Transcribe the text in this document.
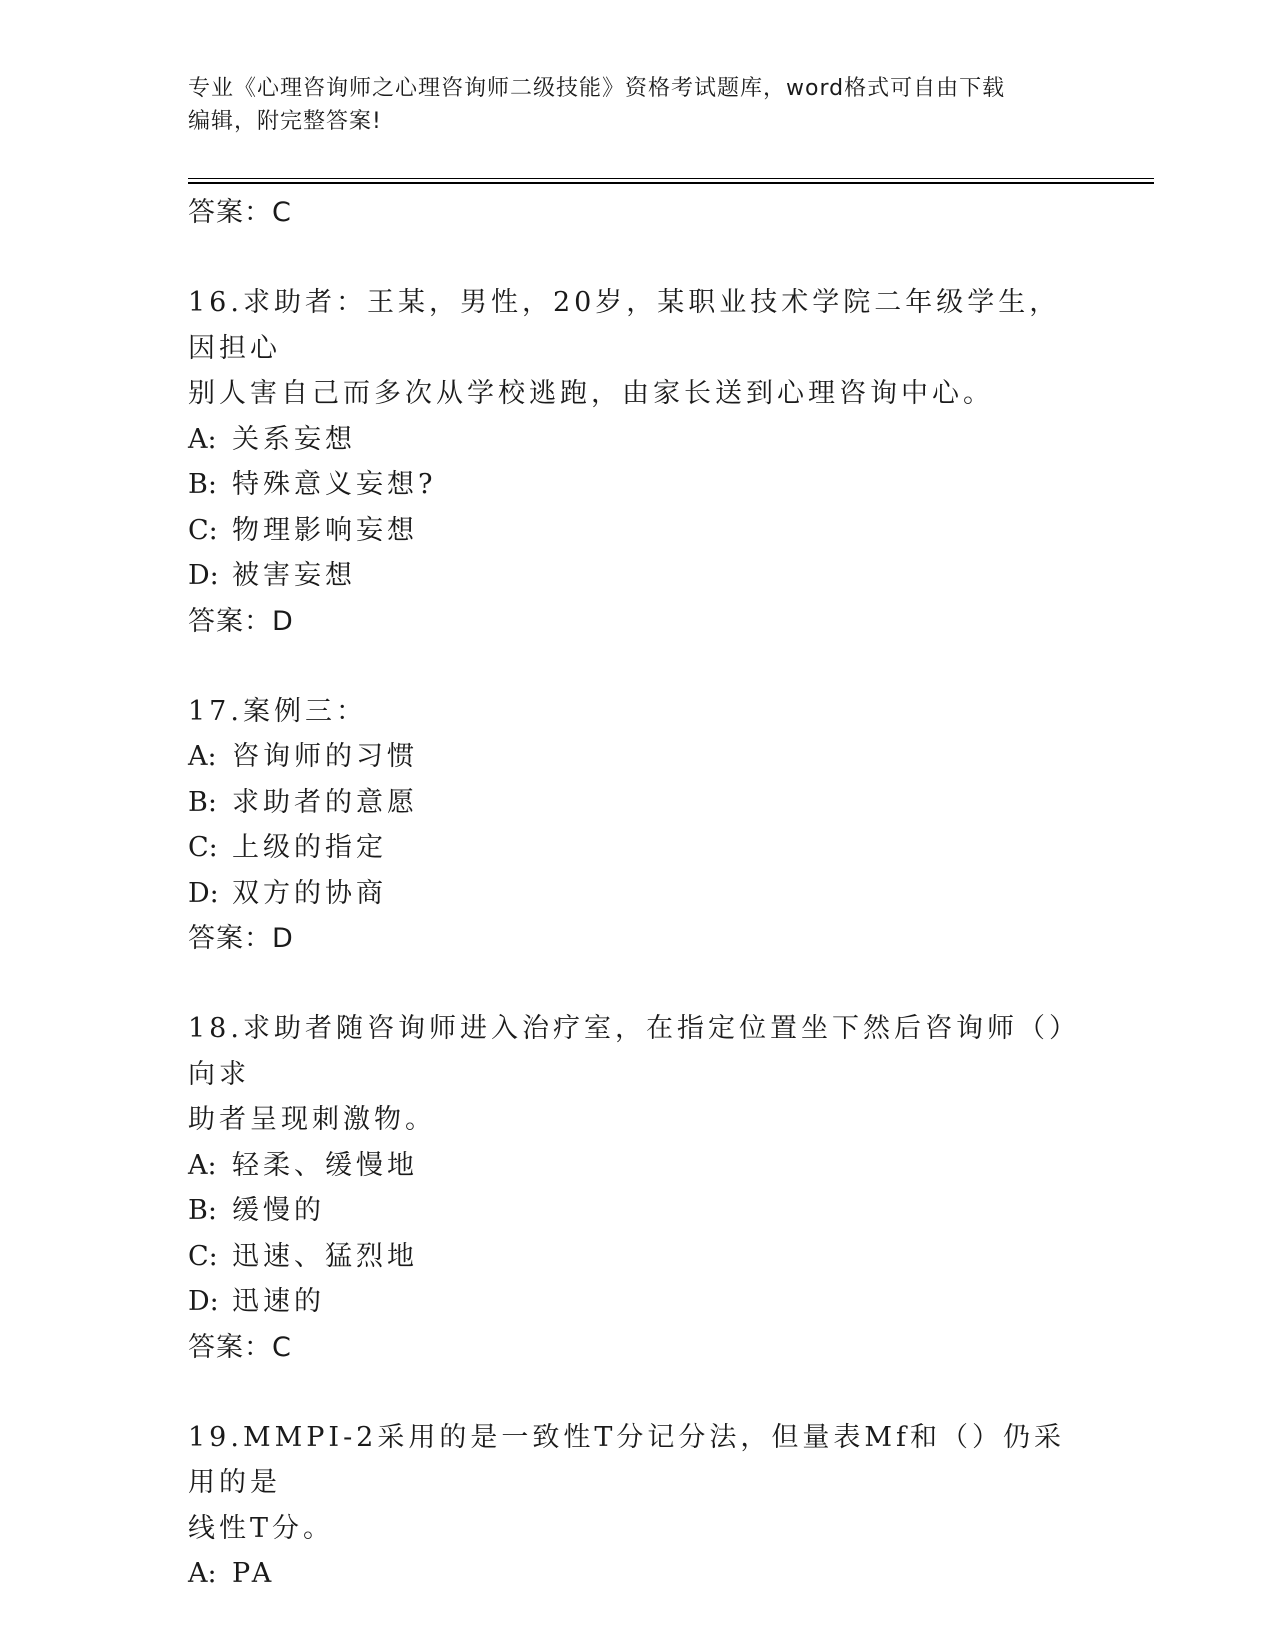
专业《心理咨询师之心理咨询师二级技能》资格考试题库，word格式可自由下载
编辑，附完整答案!
答案：C

16.求助者：王某，男性，20岁，某职业技术学院二年级学生，因担心

别人害自己而多次从学校逃跑，由家长送到心理咨询中心。

A: 关系妄想
B: 特殊意义妄想?
C: 物理影响妄想
D: 被害妄想
答案：D

17.案例三：

A: 咨询师的习惯
B: 求助者的意愿
C: 上级的指定
D: 双方的协商
答案：D

18.求助者随咨询师进入治疗室，在指定位置坐下然后咨询师（）向求

助者呈现刺激物。

A: 轻柔、缓慢地
B: 缓慢的
C: 迅速、猛烈地
D: 迅速的
答案：C

19.MMPI-2采用的是一致性T分记分法，但量表Mf和（）仍采用的是

线性T分。

A: PA
